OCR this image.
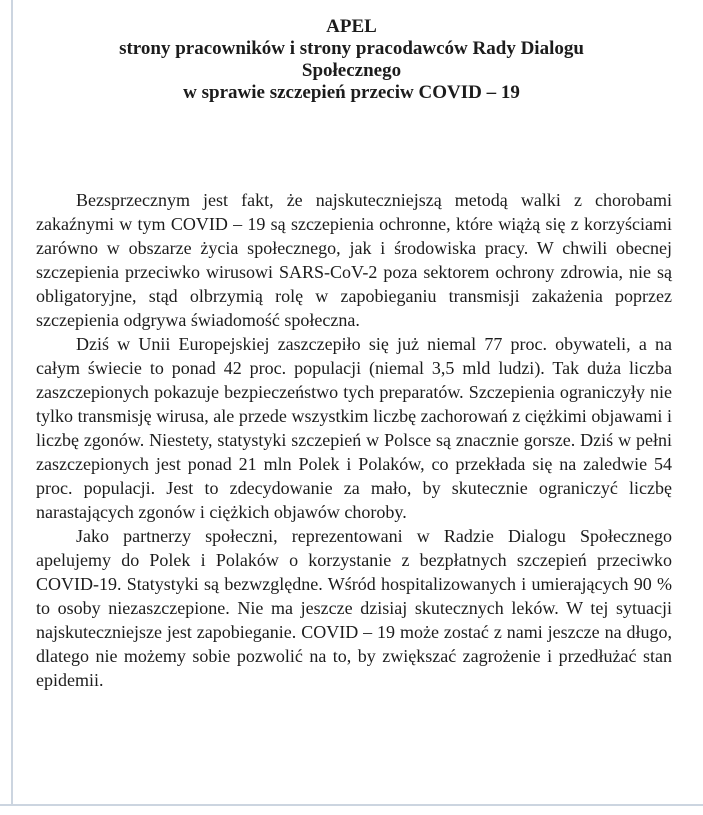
APEL
strony pracowników i strony pracodawców Rady Dialogu
Społecznego
w sprawie szczepień przeciw COVID – 19

Bezsprzecznym jest fakt, że najskuteczniejszą metodą walki z chorobami zakaźnymi w tym COVID – 19 są szczepienia ochronne, które wiążą się z korzyściami zarówno w obszarze życia społecznego, jak i środowiska pracy. W chwili obecnej szczepienia przeciwko wirusowi SARS-CoV-2 poza sektorem ochrony zdrowia, nie są obligatoryjne, stąd olbrzymią rolę w zapobieganiu transmisji zakażenia poprzez szczepienia odgrywa świadomość społeczna.

Dziś w Unii Europejskiej zaszczepiło się już niemal 77 proc. obywateli, a na całym świecie to ponad 42 proc. populacji (niemal 3,5 mld ludzi). Tak duża liczba zaszczepionych pokazuje bezpieczeństwo tych preparatów. Szczepienia ograniczyły nie tylko transmisję wirusa, ale przede wszystkim liczbę zachorowań z ciężkimi objawami i liczbę zgonów. Niestety, statystyki szczepień w Polsce są znacznie gorsze. Dziś w pełni zaszczepionych jest ponad 21 mln Polek i Polaków, co przekłada się na zaledwie 54 proc. populacji. Jest to zdecydowanie za mało, by skutecznie ograniczyć liczbę narastających zgonów i ciężkich objawów choroby.

Jako partnerzy społeczni, reprezentowani w Radzie Dialogu Społecznego apelujemy do Polek i Polaków o korzystanie z bezpłatnych szczepień przeciwko COVID-19. Statystyki są bezwzględne. Wśród hospitalizowanych i umierających 90 % to osoby niezaszczepione. Nie ma jeszcze dzisiaj skutecznych leków. W tej sytuacji najskuteczniejsze jest zapobieganie. COVID – 19 może zostać z nami jeszcze na długo, dlatego nie możemy sobie pozwolić na to, by zwiększać zagrożenie i przedłużać stan epidemii.
